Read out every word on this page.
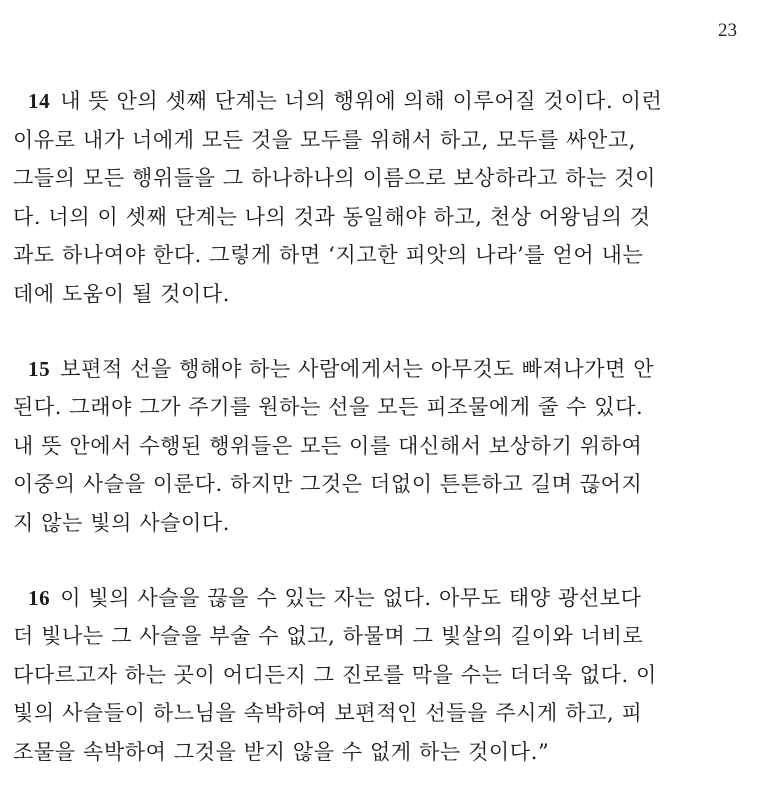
23
14 내 뜻 안의 셋째 단계는 너의 행위에 의해 이루어질 것이다. 이런
이유로 내가 너에게 모든 것을 모두를 위해서 하고, 모두를 싸안고,
그들의 모든 행위들을 그 하나하나의 이름으로 보상하라고 하는 것이
다. 너의 이 셋째 단계는 나의 것과 동일해야 하고, 천상 어왕님의 것
과도 하나여야 한다. 그렇게 하면 ‘지고한 피앗의 나라’를 얻어 내는
데에 도움이 될 것이다.
15 보편적 선을 행해야 하는 사람에게서는 아무것도 빠져나가면 안
된다. 그래야 그가 주기를 원하는 선을 모든 피조물에게 줄 수 있다.
내 뜻 안에서 수행된 행위들은 모든 이를 대신해서 보상하기 위하여
이중의 사슬을 이룬다. 하지만 그것은 더없이 튼튼하고 길며 끊어지
지 않는 빛의 사슬이다.
16 이 빛의 사슬을 끊을 수 있는 자는 없다. 아무도 태양 광선보다
더 빛나는 그 사슬을 부술 수 없고, 하물며 그 빛살의 길이와 너비로
다다르고자 하는 곳이 어디든지 그 진로를 막을 수는 더더욱 없다. 이
빛의 사슬들이 하느님을 속박하여 보편적인 선들을 주시게 하고, 피
조물을 속박하여 그것을 받지 않을 수 없게 하는 것이다.”
